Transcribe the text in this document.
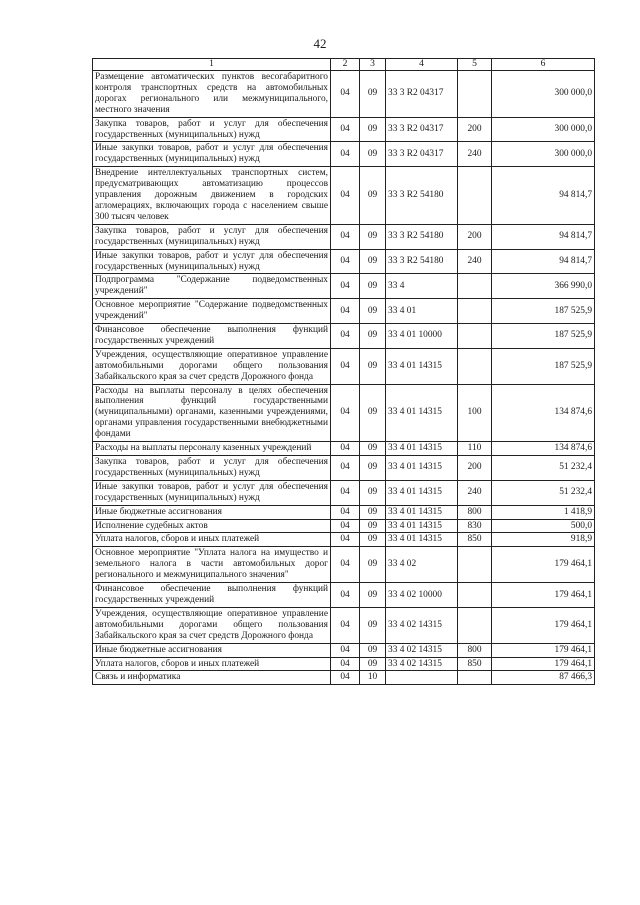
42
1	2	3	4	5	6
Размещение автоматических пунктов весогабаритного контроля транспортных средств на автомобильных дорогах регионального или межмуниципального, местного значения	04	09	33 3 R2 04317		300 000,0
Закупка товаров, работ и услуг для обеспечения государственных (муниципальных) нужд	04	09	33 3 R2 04317	200	300 000,0
Иные закупки товаров, работ и услуг для обеспечения государственных (муниципальных) нужд	04	09	33 3 R2 04317	240	300 000,0
Внедрение интеллектуальных транспортных систем, предусматривающих автоматизацию процессов управления дорожным движением в городских агломерациях, включающих города с населением свыше 300 тысяч человек	04	09	33 3 R2 54180		94 814,7
Закупка товаров, работ и услуг для обеспечения государственных (муниципальных) нужд	04	09	33 3 R2 54180	200	94 814,7
Иные закупки товаров, работ и услуг для обеспечения государственных (муниципальных) нужд	04	09	33 3 R2 54180	240	94 814,7
Подпрограмма "Содержание подведомственных учреждений"	04	09	33 4		366 990,0
Основное мероприятие "Содержание подведомственных учреждений"	04	09	33 4 01		187 525,9
Финансовое обеспечение выполнения функций государственных учреждений	04	09	33 4 01 10000		187 525,9
Учреждения, осуществляющие оперативное управление автомобильными дорогами общего пользования Забайкальского края за счет средств Дорожного фонда	04	09	33 4 01 14315		187 525,9
Расходы на выплаты персоналу в целях обеспечения выполнения функций государственными (муниципальными) органами, казенными учреждениями, органами управления государственными внебюджетными фондами	04	09	33 4 01 14315	100	134 874,6
Расходы на выплаты персоналу казенных учреждений	04	09	33 4 01 14315	110	134 874,6
Закупка товаров, работ и услуг для обеспечения государственных (муниципальных) нужд	04	09	33 4 01 14315	200	51 232,4
Иные закупки товаров, работ и услуг для обеспечения государственных (муниципальных) нужд	04	09	33 4 01 14315	240	51 232,4
Иные бюджетные ассигнования	04	09	33 4 01 14315	800	1 418,9
Исполнение судебных актов	04	09	33 4 01 14315	830	500,0
Уплата налогов, сборов и иных платежей	04	09	33 4 01 14315	850	918,9
Основное мероприятие "Уплата налога на имущество и земельного налога в части автомобильных дорог регионального и межмуниципального значения"	04	09	33 4 02		179 464,1
Финансовое обеспечение выполнения функций государственных учреждений	04	09	33 4 02 10000		179 464,1
Учреждения, осуществляющие оперативное управление автомобильными дорогами общего пользования Забайкальского края за счет средств Дорожного фонда	04	09	33 4 02 14315		179 464,1
Иные бюджетные ассигнования	04	09	33 4 02 14315	800	179 464,1
Уплата налогов, сборов и иных платежей	04	09	33 4 02 14315	850	179 464,1
Связь и информатика	04	10			87 466,3
